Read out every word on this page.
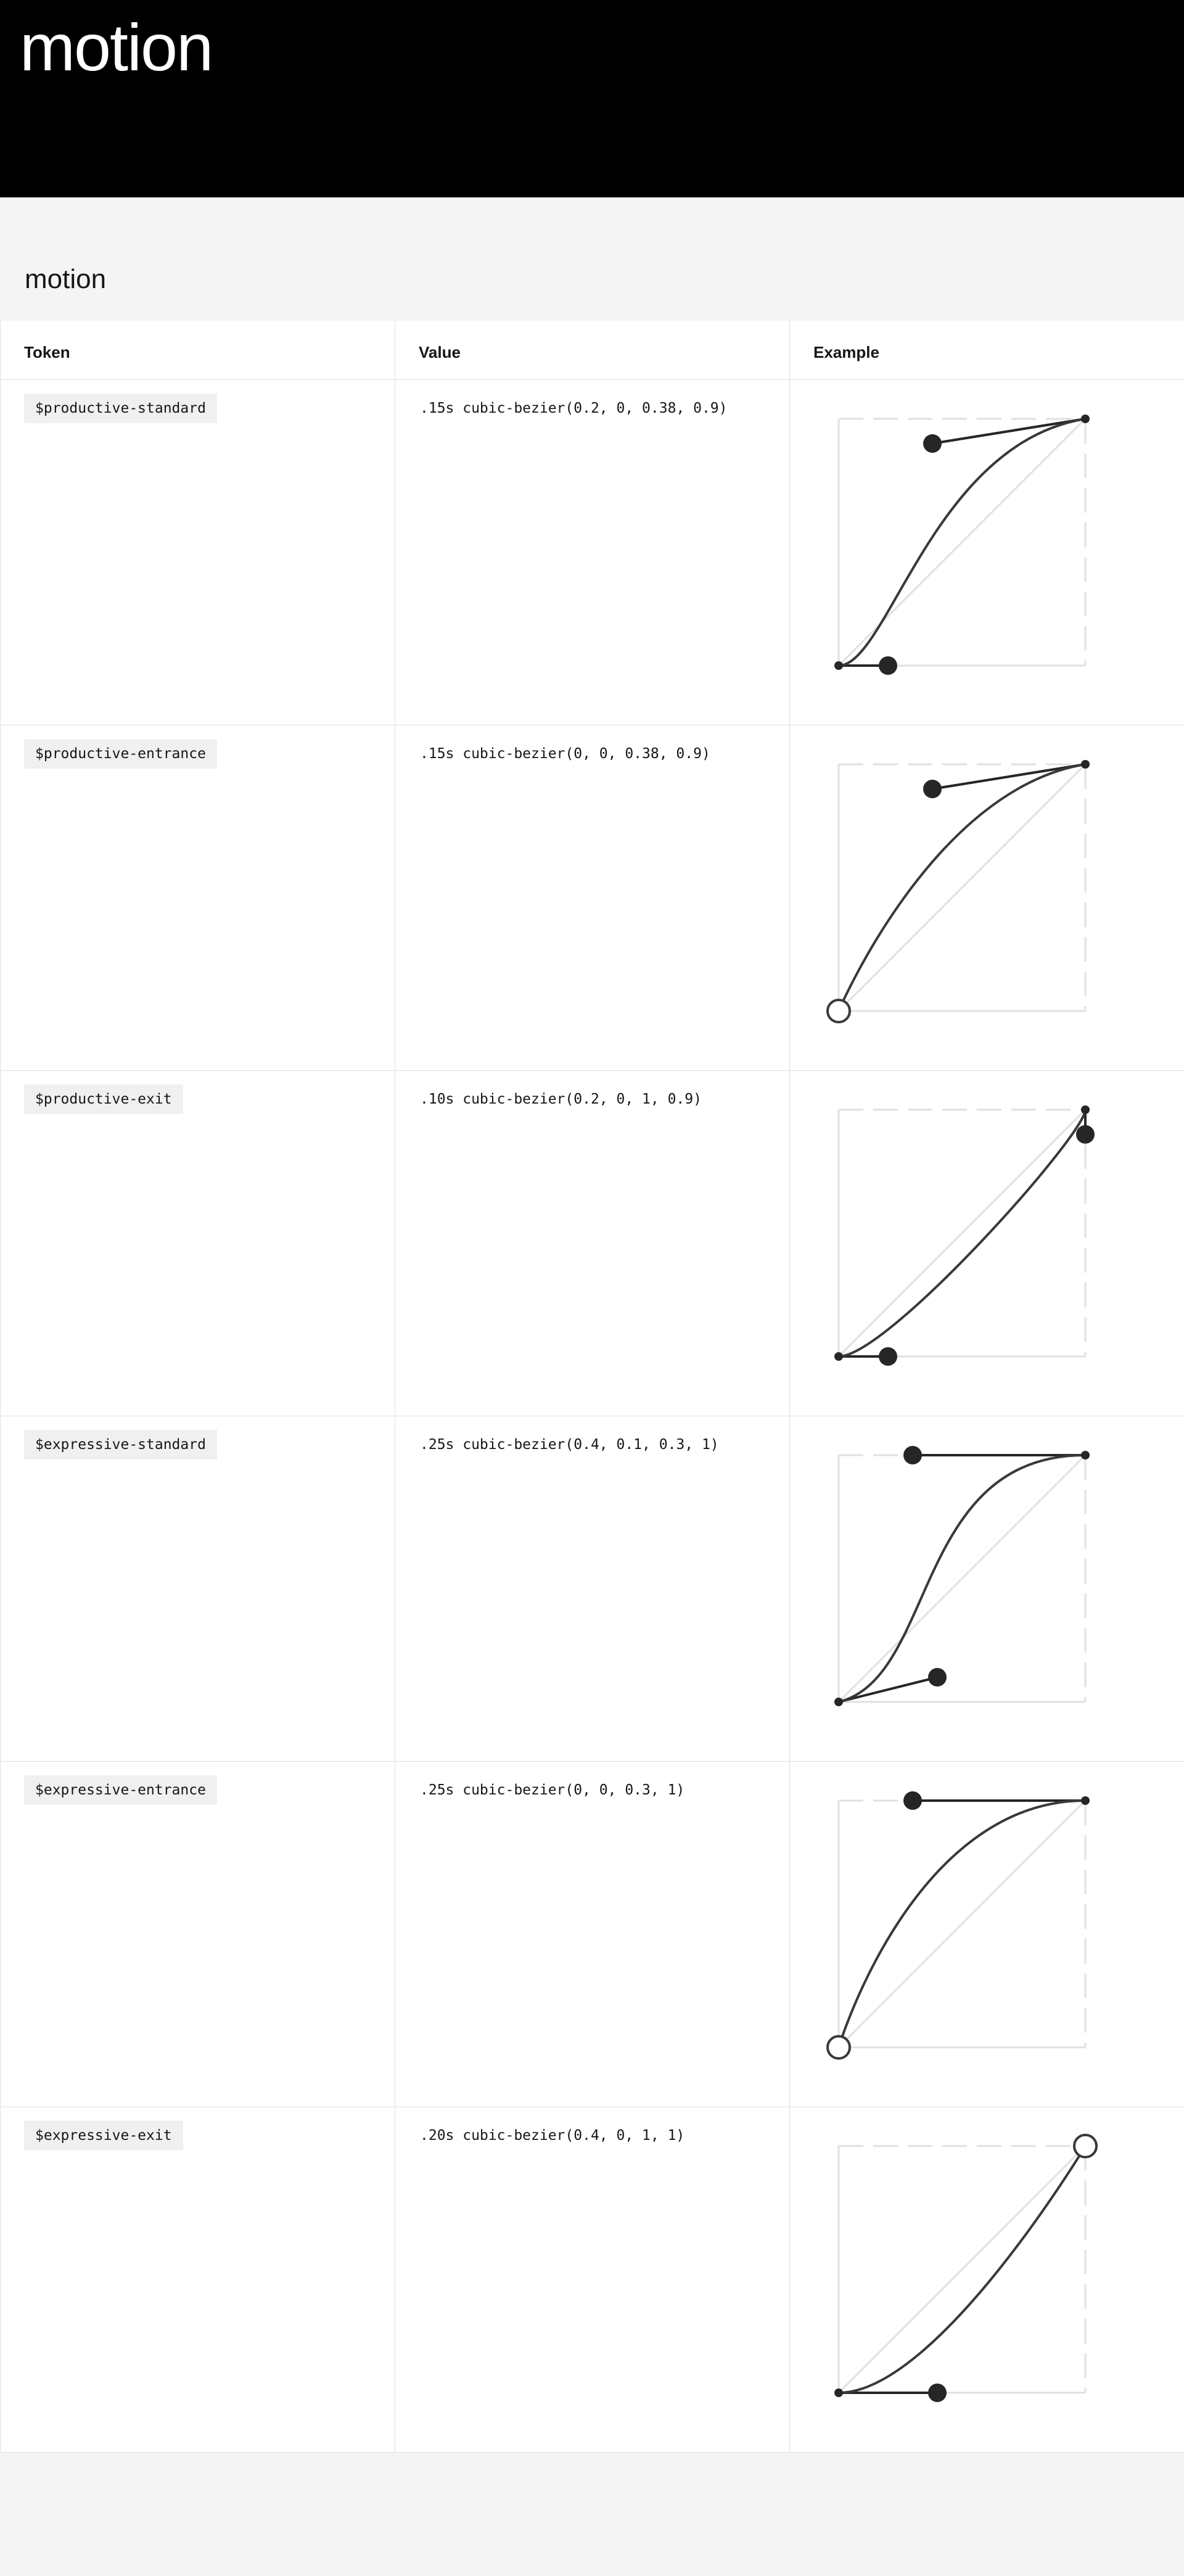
motion
motion
Token	Value	Example
$productive-standard	.15s cubic-bezier(0.2, 0, 0.38, 0.9)
$productive-entrance	.15s cubic-bezier(0, 0, 0.38, 0.9)
$productive-exit	.10s cubic-bezier(0.2, 0, 1, 0.9)
$expressive-standard	.25s cubic-bezier(0.4, 0.1, 0.3, 1)
$expressive-entrance	.25s cubic-bezier(0, 0, 0.3, 1)
$expressive-exit	.20s cubic-bezier(0.4, 0, 1, 1)
